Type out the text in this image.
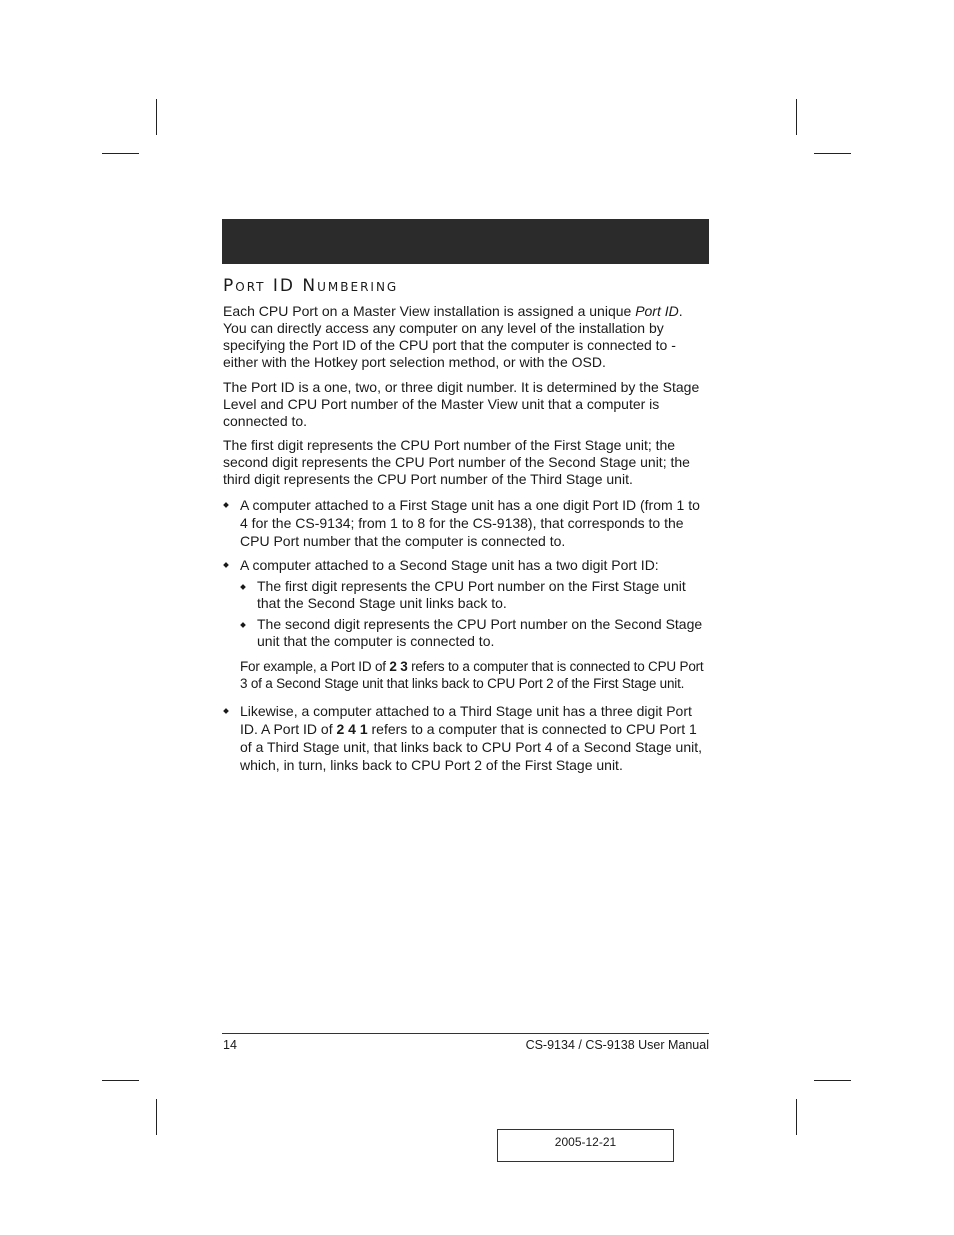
Port ID Numbering

Each CPU Port on a Master View installation is assigned a unique Port ID. You can directly access any computer on any level of the installation by specifying the Port ID of the CPU port that the computer is connected to - either with the Hotkey port selection method, or with the OSD.

The Port ID is a one, two, or three digit number. It is determined by the Stage Level and CPU Port number of the Master View unit that a computer is connected to.

The first digit represents the CPU Port number of the First Stage unit; the second digit represents the CPU Port number of the Second Stage unit; the third digit represents the CPU Port number of the Third Stage unit.

A computer attached to a First Stage unit has a one digit Port ID (from 1 to 4 for the CS-9134; from 1 to 8 for the CS-9138), that corresponds to the CPU Port number that the computer is connected to.
A computer attached to a Second Stage unit has a two digit Port ID:
The first digit represents the CPU Port number on the First Stage unit that the Second Stage unit links back to.
The second digit represents the CPU Port number on the Second Stage unit that the computer is connected to.
For example, a Port ID of 2 3 refers to a computer that is connected to CPU Port 3 of a Second Stage unit that links back to CPU Port 2 of the First Stage unit.
Likewise, a computer attached to a Third Stage unit has a three digit Port ID. A Port ID of 2 4 1 refers to a computer that is connected to CPU Port 1 of a Third Stage unit, that links back to CPU Port 4 of a Second Stage unit, which, in turn, links back to CPU Port 2 of the First Stage unit.
14	CS-9134 / CS-9138 User Manual
2005-12-21
